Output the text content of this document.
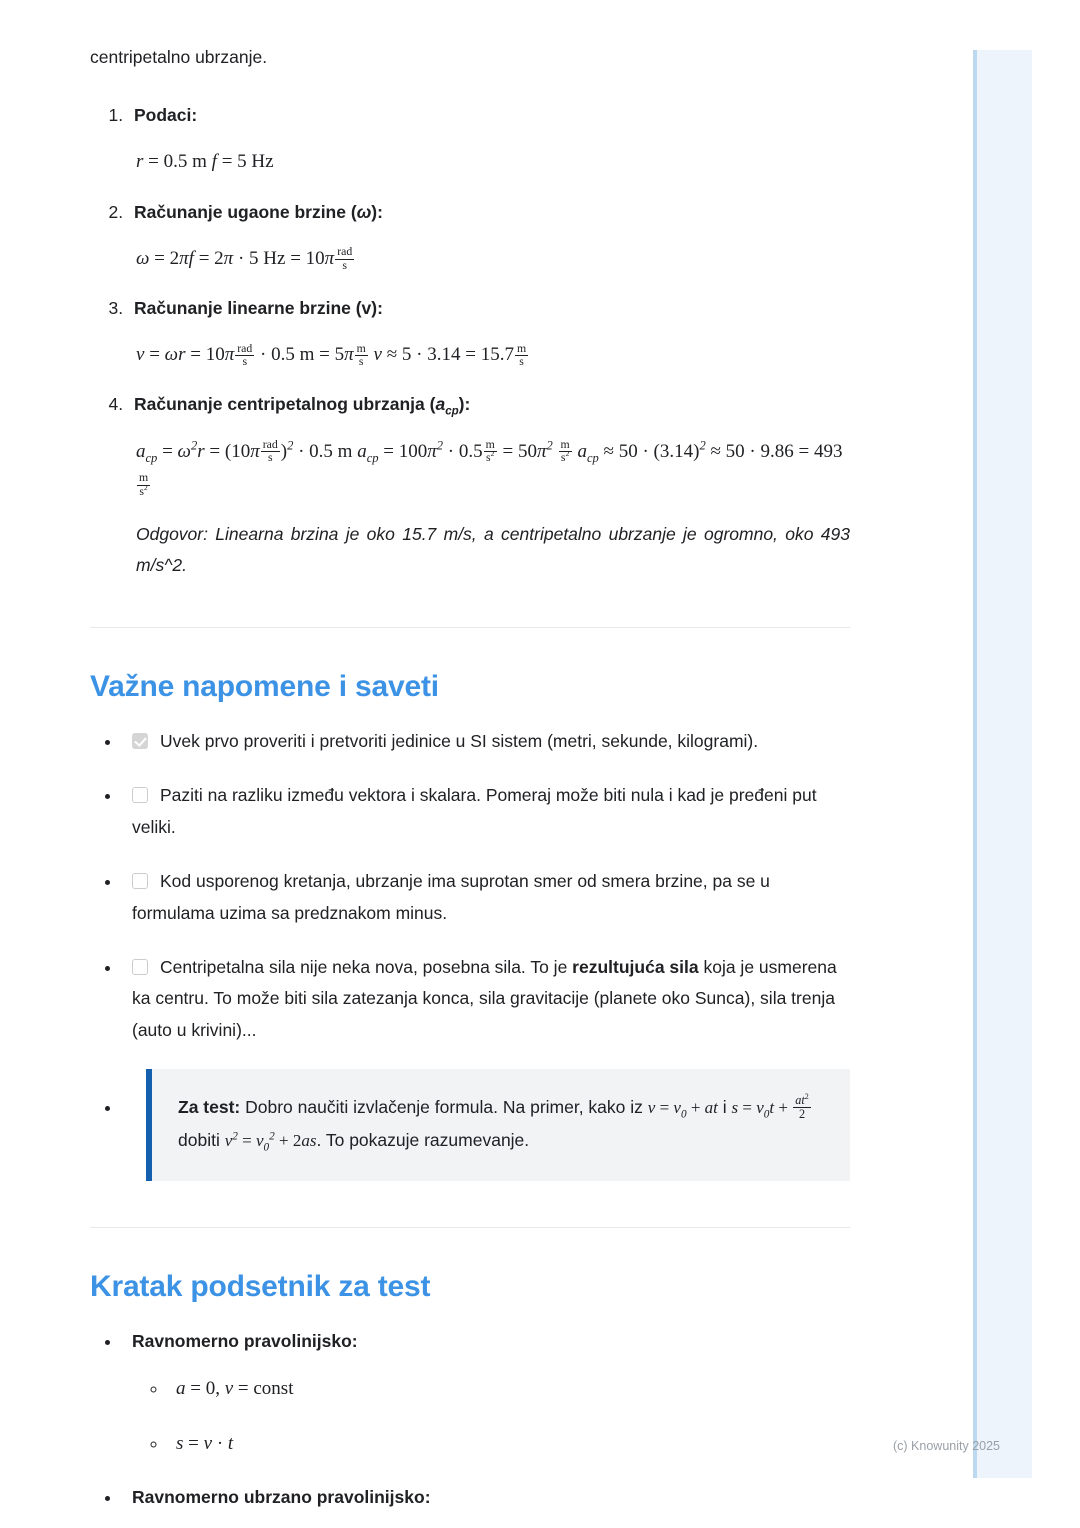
centripetalno ubrzanje.

1. Podaci:
r = 0.5 m f = 5 Hz
2. Računanje ugaone brzine (ω):
ω = 2πf = 2π · 5 $Hz = 10\pi \frac{\text{rad}}{s}$
3. Računanje linearne brzine (v):
$v = \omega r = 10\pi \frac{\text{rad}}{s} \cdot 0.5$ $m = 5\pi \frac{m}{s}$ $v \approx 5 \cdot 3.14 = 15.7 \frac{m}{s}$
4. Računanje centripetalnog ubrzanja $(a_{cp})$:
$a_{cp} = \omega^2r = (10\pi \frac{\text{rad}}{s} )^2 \cdot 0.5$ m $a_{cp} = 100\pi^2 \cdot 0.5 \frac{m}{s^2} = 50\pi^2 \frac{m}{s^2} a_{cp} \approx 50 \cdot (3.14)^2 \approx 50 \cdot 9.86 = 493$
$\frac{m}{s^2}$

Odgovor: Linearna brzina je oko 15.7 m/s, a centripetalno ubrzanje je ogromno, oko 493 m/s^2.

Važne napomene i saveti
• Uvek prvo proveriti i pretvoriti jedinice u SI sistem (metri, sekunde, kilogrami).
• Paziti na razliku između vektora i skalara. Pomeraj može biti nula i kad je pređeni put veliki.
• Kod usporenog kretanja, ubrzanje ima suprotan smer od smera brzine, pa se u formulama uzima sa predznakom minus.
• Centripetalna sila nije neka nova, posebna sila. To je rezultujuća sila koja je usmerena ka centru. To može biti sila zatezanja konca, sila gravitacije (planete oko Sunca), sila trenja (auto u krivini)...

• Za test: Dobro naučiti izvlačenje formula. Na primer, kako iz $v = v_0$ + at i $s = v_0t + \frac{at^2}{2}$
dobiti $v^2 = v_0^2 + 2as$. To pokazuje razumevanje.

Kratak podsetnik za test
• Ravnomerno pravolinijsko:
◦ a = 0, v = const
◦ s = v · t
• Ravnomerno ubrzano pravolinijsko:
(c) Knowunity 2025
